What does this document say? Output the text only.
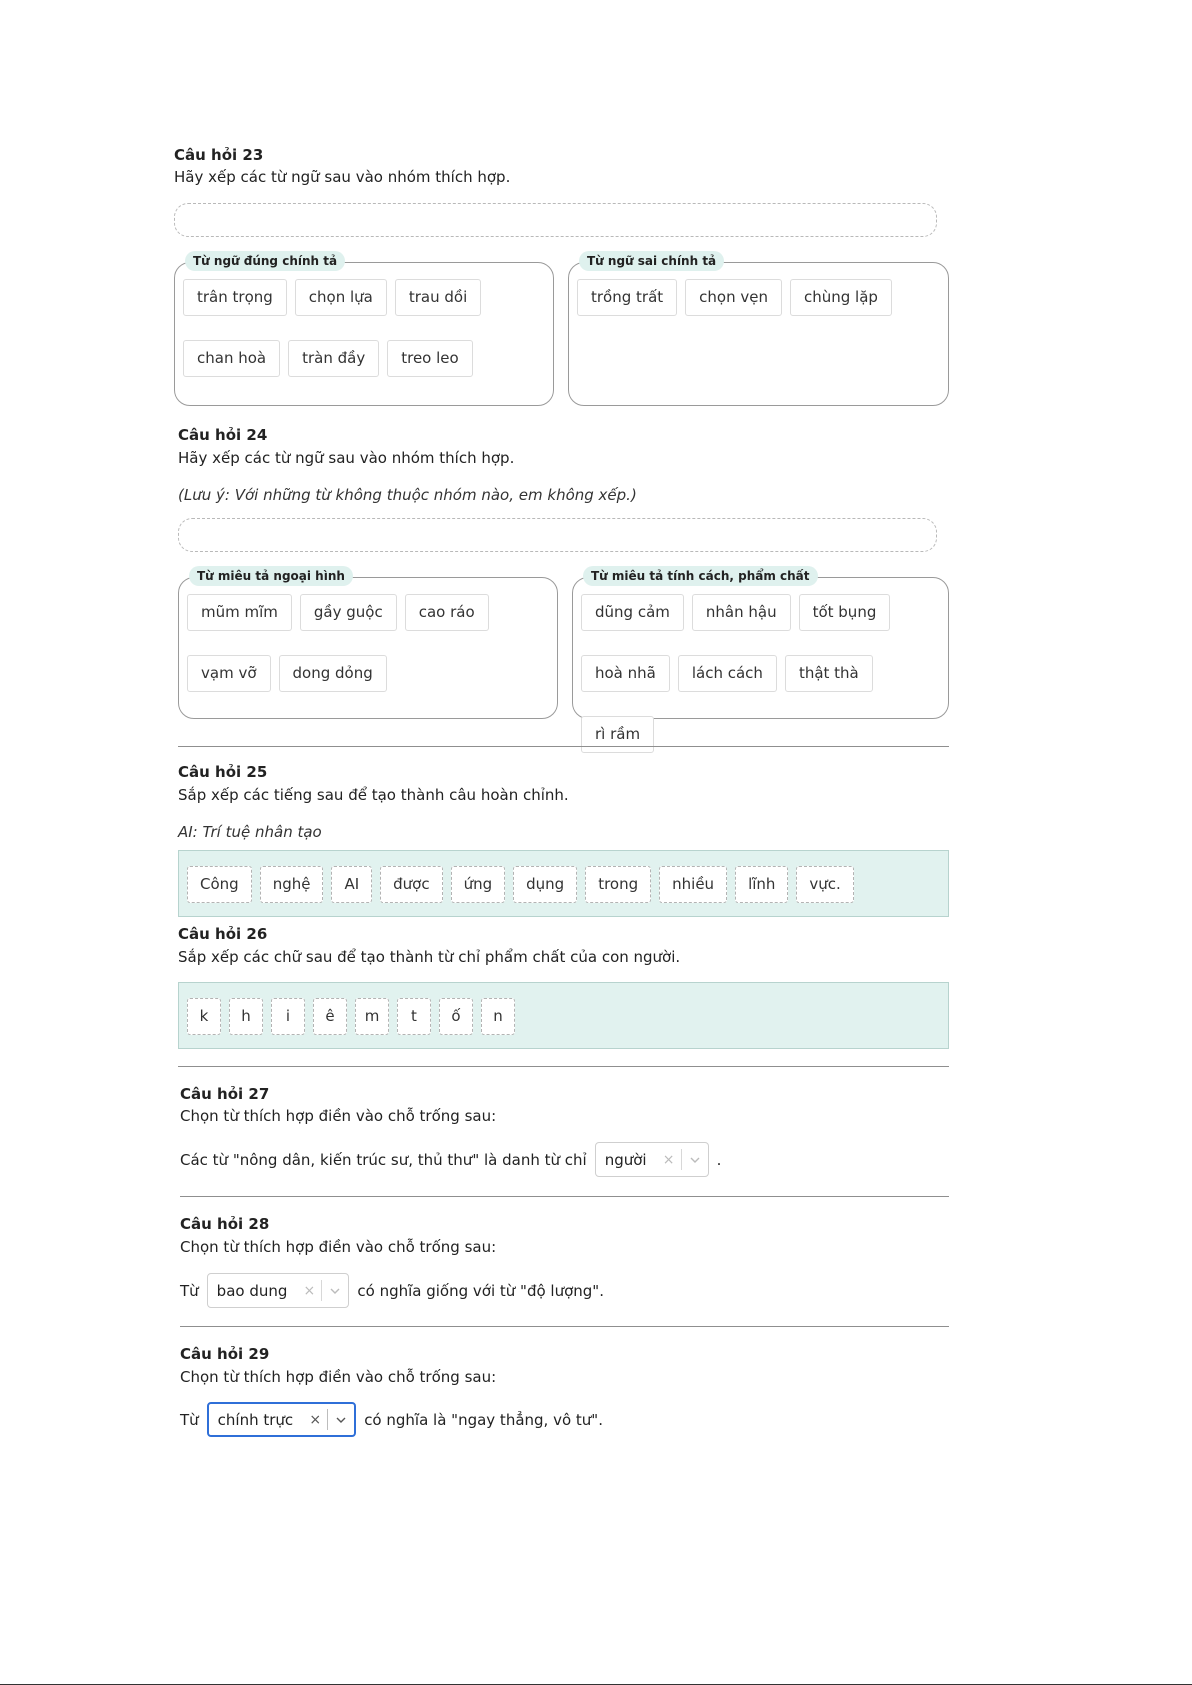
Câu hỏi 23
Hãy xếp các từ ngữ sau vào nhóm thích hợp.
Từ ngữ đúng chính tả
trân trọng	chọn lựa	trau dồi
chan hoà	tràn đầy	treo leo
Từ ngữ sai chính tả
trồng trất	chọn vẹn	chùng lặp
Câu hỏi 24
Hãy xếp các từ ngữ sau vào nhóm thích hợp.
(Lưu ý: Với những từ không thuộc nhóm nào, em không xếp.)
Từ miêu tả ngoại hình
mũm mĩm	gầy guộc	cao ráo
vạm vỡ	dong dỏng
Từ miêu tả tính cách, phẩm chất
dũng cảm	nhân hậu	tốt bụng
hoà nhã	lách cách	thật thà
rì rầm
Câu hỏi 25
Sắp xếp các tiếng sau để tạo thành câu hoàn chỉnh.
AI: Trí tuệ nhân tạo
Công	nghệ	AI	được	ứng	dụng	trong	nhiều	lĩnh	vực.
Câu hỏi 26
Sắp xếp các chữ sau để tạo thành từ chỉ phẩm chất của con người.
k	h	i	ê	m	t	ố	n
Câu hỏi 27
Chọn từ thích hợp điền vào chỗ trống sau:
Các từ "nông dân, kiến trúc sư, thủ thư" là danh từ chỉ	người	×	.
Câu hỏi 28
Chọn từ thích hợp điền vào chỗ trống sau:
Từ	bao dung	×	có nghĩa giống với từ "độ lượng".
Câu hỏi 29
Chọn từ thích hợp điền vào chỗ trống sau:
Từ	chính trực	×	có nghĩa là "ngay thẳng, vô tư".
